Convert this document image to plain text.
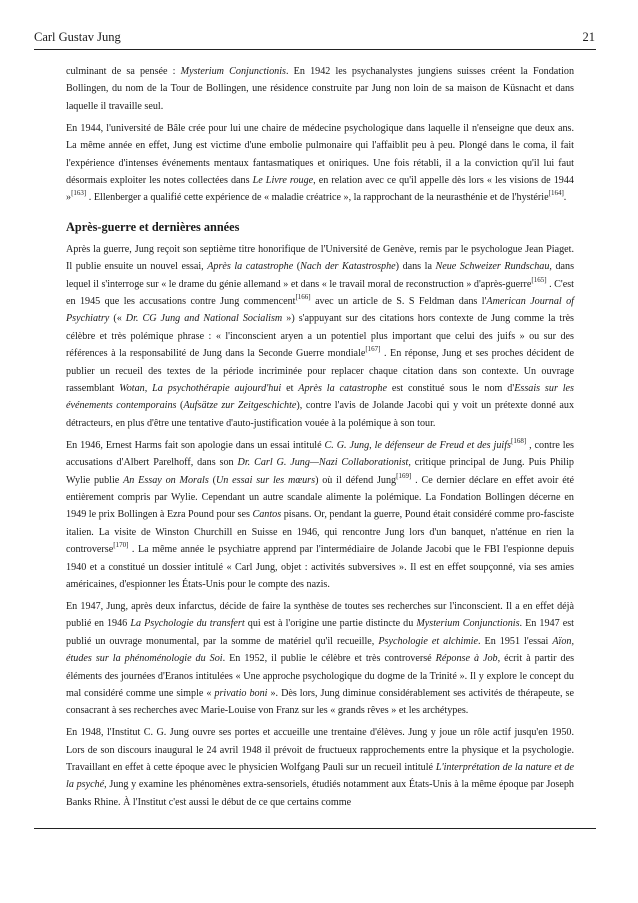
Carl Gustav Jung	21

culminant de sa pensée : Mysterium Conjunctionis. En 1942 les psychanalystes jungiens suisses créent la Fondation Bollingen, du nom de la Tour de Bollingen, une résidence construite par Jung non loin de sa maison de Küsnacht et dans laquelle il travaille seul.

En 1944, l'université de Bâle crée pour lui une chaire de médecine psychologique dans laquelle il n'enseigne que deux ans. La même année en effet, Jung est victime d'une embolie pulmonaire qui l'affaiblit peu à peu. Plongé dans le coma, il fait l'expérience d'intenses événements mentaux fantasmatiques et oniriques. Une fois rétabli, il a la conviction qu'il lui faut désormais exploiter les notes collectées dans Le Livre rouge, en relation avec ce qu'il appelle dès lors « les visions de 1944 »[163] . Ellenberger a qualifié cette expérience de « maladie créatrice », la rapprochant de la neurasthénie et de l'hystérie[164].

Après-guerre et dernières années

Après la guerre, Jung reçoit son septième titre honorifique de l'Université de Genève, remis par le psychologue Jean Piaget. Il publie ensuite un nouvel essai, Après la catastrophe (Nach der Katastrosphe) dans la Neue Schweizer Rundschau, dans lequel il s'interroge sur « le drame du génie allemand » et dans « le travail moral de reconstruction » d'après-guerre[165] . C'est en 1945 que les accusations contre Jung commencent[166] avec un article de S. S Feldman dans l'American Journal of Psychiatry (« Dr. CG Jung and National Socialism ») s'appuyant sur des citations hors contexte de Jung comme la très célèbre et très polémique phrase : « l'inconscient aryen a un potentiel plus important que celui des juifs » ou sur des références à la responsabilité de Jung dans la Seconde Guerre mondiale[167] . En réponse, Jung et ses proches décident de publier un recueil des textes de la période incriminée pour replacer chaque citation dans son contexte. Un ouvrage rassemblant Wotan, La psychothérapie aujourd'hui et Après la catastrophe est constitué sous le nom d'Essais sur les événements contemporains (Aufsätze zur Zeitgeschichte), contre l'avis de Jolande Jacobi qui y voit un prétexte donné aux détracteurs, en plus d'être une tentative d'auto-justification vouée à la polémique à son tour.

En 1946, Ernest Harms fait son apologie dans un essai intitulé C. G. Jung, le défenseur de Freud et des juifs[168] , contre les accusations d'Albert Parelhoff, dans son Dr. Carl G. Jung—Nazi Collaborationist, critique principal de Jung. Puis Philip Wylie publie An Essay on Morals (Un essai sur les mœurs) où il défend Jung[169] . Ce dernier déclare en effet avoir été entièrement compris par Wylie. Cependant un autre scandale alimente la polémique. La Fondation Bollingen décerne en 1949 le prix Bollingen à Ezra Pound pour ses Cantos pisans. Or, pendant la guerre, Pound était considéré comme pro-fasciste italien. La visite de Winston Churchill en Suisse en 1946, qui rencontre Jung lors d'un banquet, n'atténue en rien la controverse[170] . La même année le psychiatre apprend par l'intermédiaire de Jolande Jacobi que le FBI l'espionne depuis 1940 et a constitué un dossier intitulé « Carl Jung, objet : activités subversives ». Il est en effet soupçonné, via ses amies américaines, d'espionner les États-Unis pour le compte des nazis.

En 1947, Jung, après deux infarctus, décide de faire la synthèse de toutes ses recherches sur l'inconscient. Il a en effet déjà publié en 1946 La Psychologie du transfert qui est à l'origine une partie distincte du Mysterium Conjunctionis. En 1947 est publié un ouvrage monumental, par la somme de matériel qu'il recueille, Psychologie et alchimie. En 1951 l'essai Aïon, études sur la phénoménologie du Soi. En 1952, il publie le célèbre et très controversé Réponse à Job, écrit à partir des éléments des journées d'Eranos intitulées « Une approche psychologique du dogme de la Trinité ». Il y explore le concept du mal considéré comme une simple « privatio boni ». Dès lors, Jung diminue considérablement ses activités de thérapeute, se consacrant à ses recherches avec Marie-Louise von Franz sur les « grands rêves » et les archétypes.

En 1948, l'Institut C. G. Jung ouvre ses portes et accueille une trentaine d'élèves. Jung y joue un rôle actif jusqu'en 1950. Lors de son discours inaugural le 24 avril 1948 il prévoit de fructueux rapprochements entre la physique et la psychologie. Travaillant en effet à cette époque avec le physicien Wolfgang Pauli sur un recueil intitulé L'interprétation de la nature et de la psyché, Jung y examine les phénomènes extra-sensoriels, étudiés notamment aux États-Unis à la même époque par Joseph Banks Rhine. À l'Institut c'est aussi le début de ce que certains comme
